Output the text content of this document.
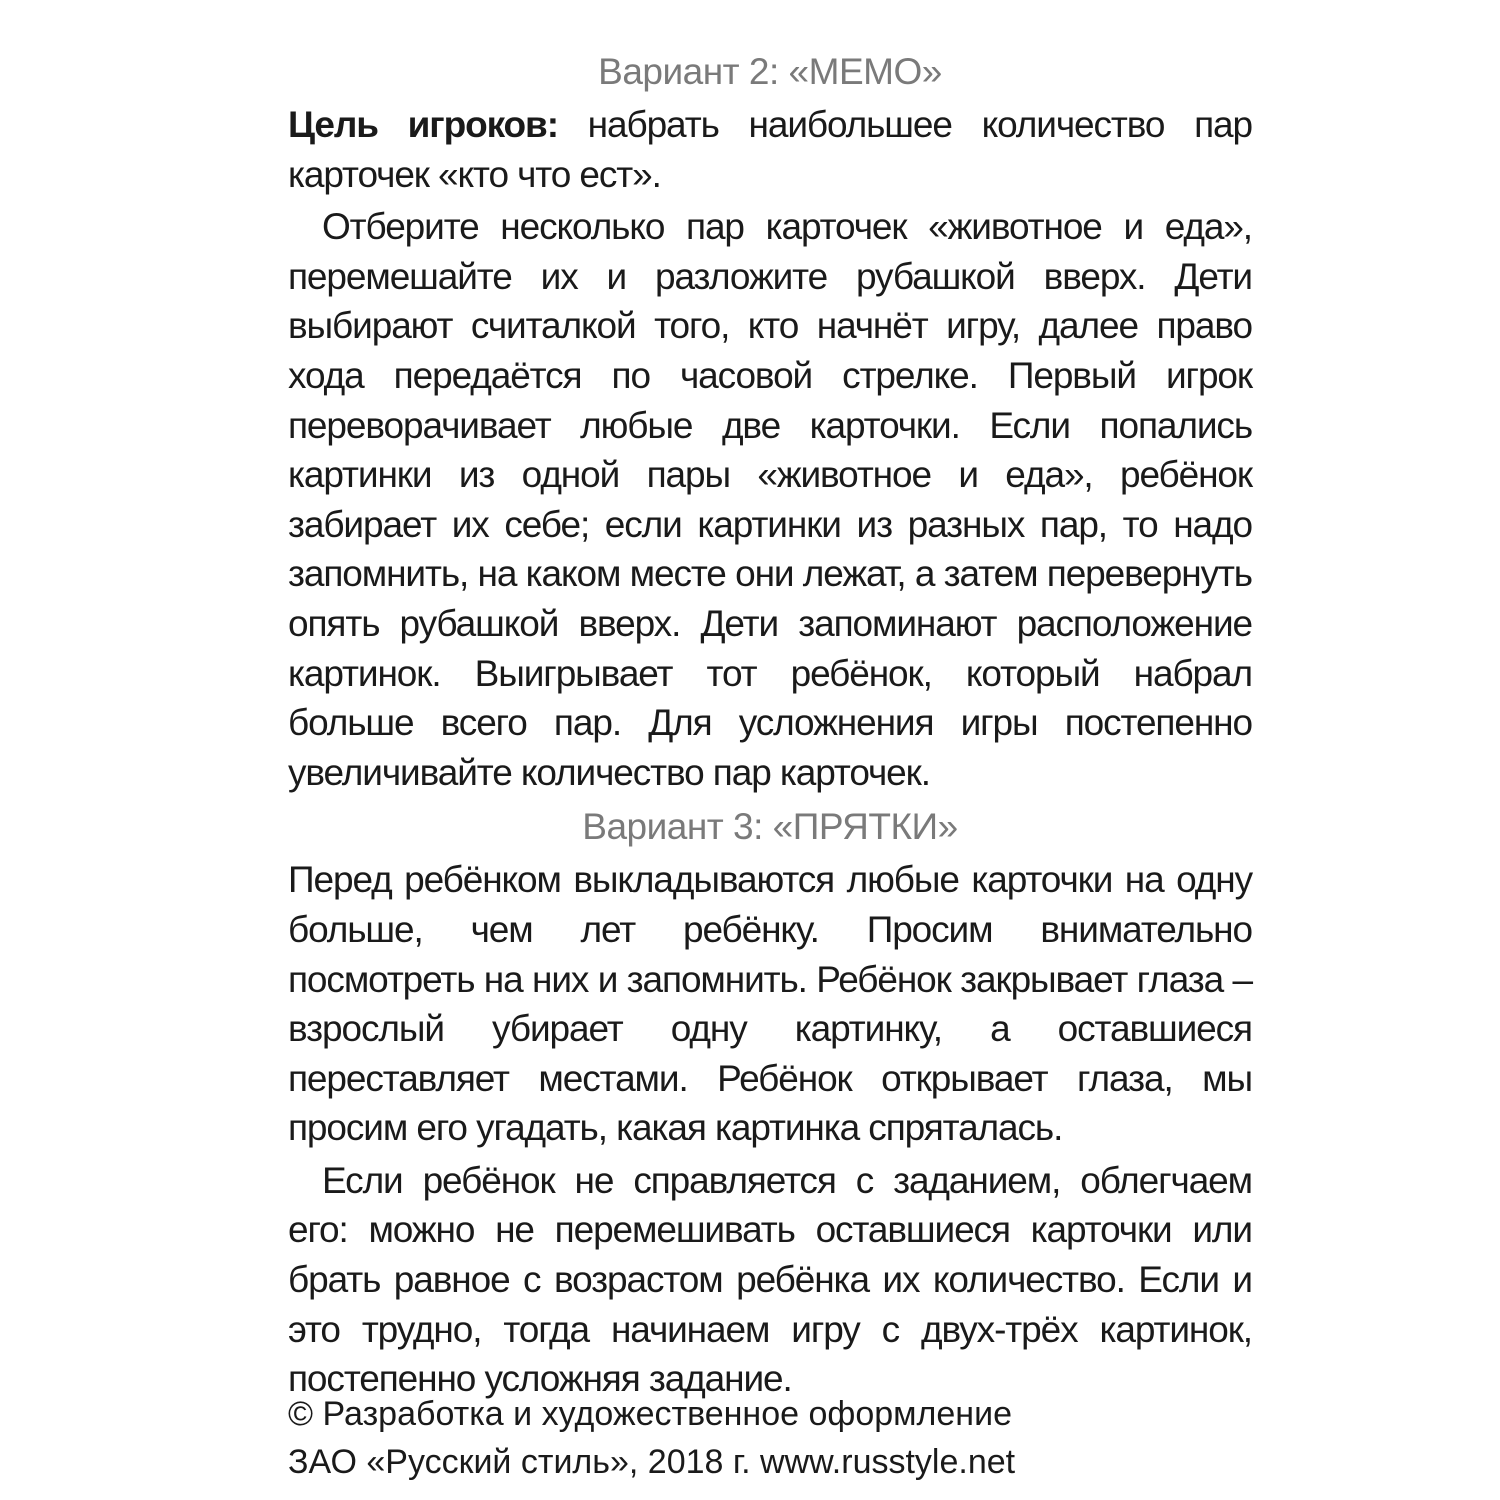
Вариант 2: «МЕМО»

Цель игроков: набрать наибольшее количество пар карточек «кто что ест».

Отберите несколько пар карточек «животное и еда», перемешайте их и разложите рубашкой вверх. Дети выбирают считалкой того, кто начнёт игру, далее право хода передаётся по часовой стрелке. Первый игрок переворачивает любые две карточки. Если попались картинки из одной пары «животное и еда», ребёнок забирает их себе; если картинки из разных пар, то надо запомнить, на каком месте они лежат, а затем перевернуть опять рубашкой вверх. Дети запоминают расположение картинок. Выигрывает тот ребёнок, который набрал больше всего пар. Для усложнения игры постепенно увеличивайте количество пар карточек.

Вариант 3: «ПРЯТКИ»

Перед ребёнком выкладываются любые карточки на одну больше, чем лет ребёнку. Просим внимательно посмотреть на них и запомнить. Ребёнок закрывает глаза – взрослый убирает одну картинку, а оставшиеся переставляет местами. Ребёнок открывает глаза, мы просим его угадать, какая картинка спряталась.

Если ребёнок не справляется с заданием, облегчаем его: можно не перемешивать оставшиеся карточки или брать равное с возрастом ребёнка их количество. Если и это трудно, тогда начинаем игру с двух-трёх картинок, постепенно усложняя задание.

© Разработка и художественное оформление
ЗАО «Русский стиль», 2018 г. www.russtyle.net
